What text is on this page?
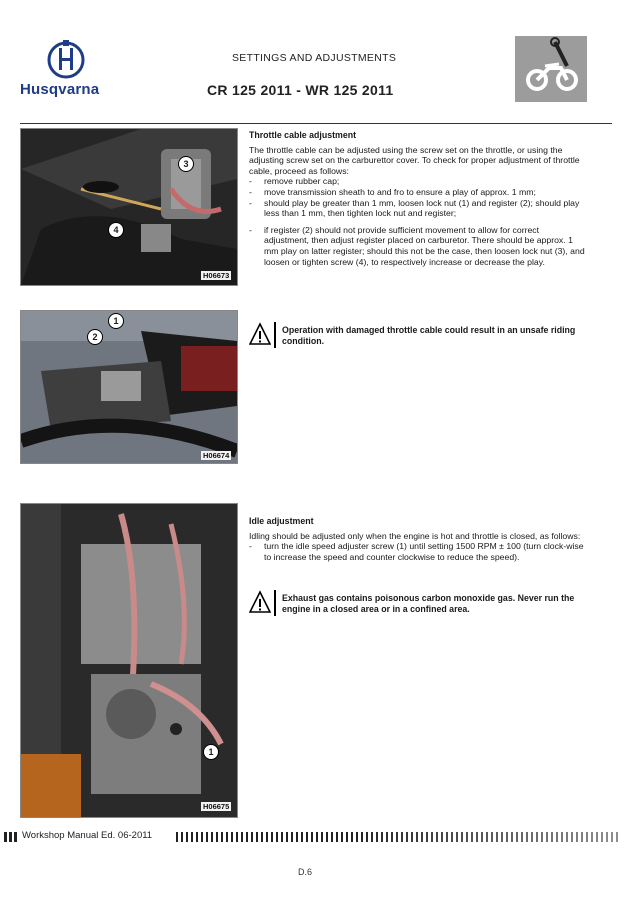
Husqvarna
SETTINGS AND ADJUSTMENTS
CR 125 2011 - WR 125 2011
3
4
H06673
1
2
H06674
1
H06675
Throttle cable adjustment

The throttle cable can be adjusted using the screw set on the throttle, or using the adjusting screw set on the carburettor cover. To check for proper adjustment of throttle cable, proceed as follows:

- remove rubber cap;
- move transmission sheath to and fro to ensure a play of approx. 1 mm;
- should play be greater than 1 mm, loosen lock nut (1) and register (2); should play less than 1 mm, then tighten lock nut and register;
- if register (2) should not provide sufficient movement to allow for correct adjustment, then adjust register placed on carburetor. There should be approx. 1 mm play on latter register; should this not be the case, then loosen lock nut (3), and loosen or tighten screw (4), to respectively increase or decrease the play.
Operation with damaged throttle cable could result in an unsafe riding condition.
Idle adjustment

Idling should be adjusted only when the engine is hot and throttle is closed, as follows:

- turn the idle speed adjuster screw (1) until setting 1500 RPM ± 100 (turn clock-wise to increase the speed and counter clockwise to reduce the speed).
Exhaust gas contains poisonous carbon monoxide gas. Never run the engine in a closed area or in a confined area.
Workshop Manual Ed. 06-2011
D.6
